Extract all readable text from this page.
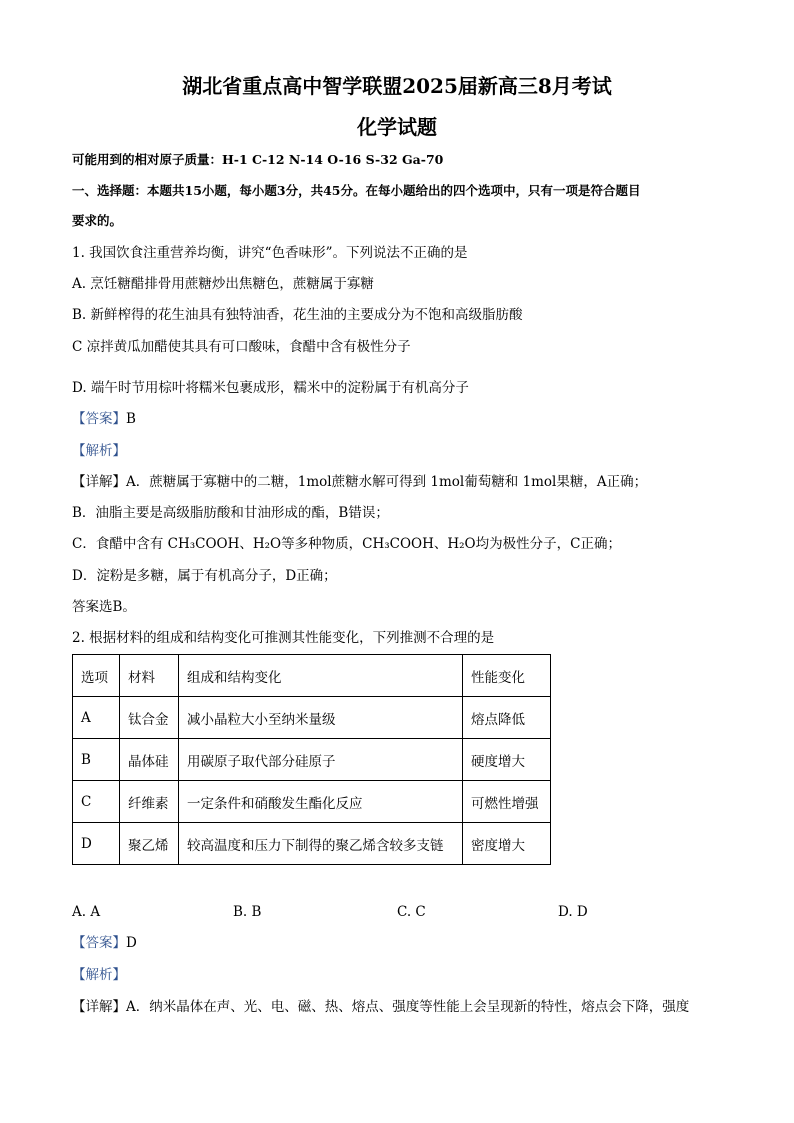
湖北省重点高中智学联盟2025届新高三8月考试
化学试题
可能用到的相对原子质量：H-1 C-12 N-14 O-16 S-32 Ga-70
一、选择题：本题共15小题，每小题3分，共45分。在每小题给出的四个选项中，只有一项是符合题目
要求的。
1. 我国饮食注重营养均衡，讲究“色香味形”。下列说法不正确的是
A. 烹饪糖醋排骨用蔗糖炒出焦糖色，蔗糖属于寡糖
B. 新鲜榨得的花生油具有独特油香，花生油的主要成分为不饱和高级脂肪酸
C 凉拌黄瓜加醋使其具有可口酸味，食醋中含有极性分子
D. 端午时节用棕叶将糯米包裹成形，糯米中的淀粉属于有机高分子
【答案】B
【解析】
【详解】A．蔗糖属于寡糖中的二糖，1mol蔗糖水解可得到 1mol葡萄糖和 1mol果糖，A正确；
B．油脂主要是高级脂肪酸和甘油形成的酯，B错误；
C．食醋中含有 CH₃COOH、H₂O等多种物质，CH₃COOH、H₂O均为极性分子，C正确；
D．淀粉是多糖，属于有机高分子，D正确；
答案选B。
2. 根据材料的组成和结构变化可推测其性能变化，下列推测不合理的是
选项	材料	组成和结构变化	性能变化
A	钛合金	减小晶粒大小至纳米量级	熔点降低
B	晶体硅	用碳原子取代部分硅原子	硬度增大
C	纤维素	一定条件和硝酸发生酯化反应	可燃性增强
D	聚乙烯	较高温度和压力下制得的聚乙烯含较多支链	密度增大
A. A	B. B	C. C	D. D
【答案】D
【解析】
【详解】A．纳米晶体在声、光、电、磁、热、熔点、强度等性能上会呈现新的特性，熔点会下降，强度
